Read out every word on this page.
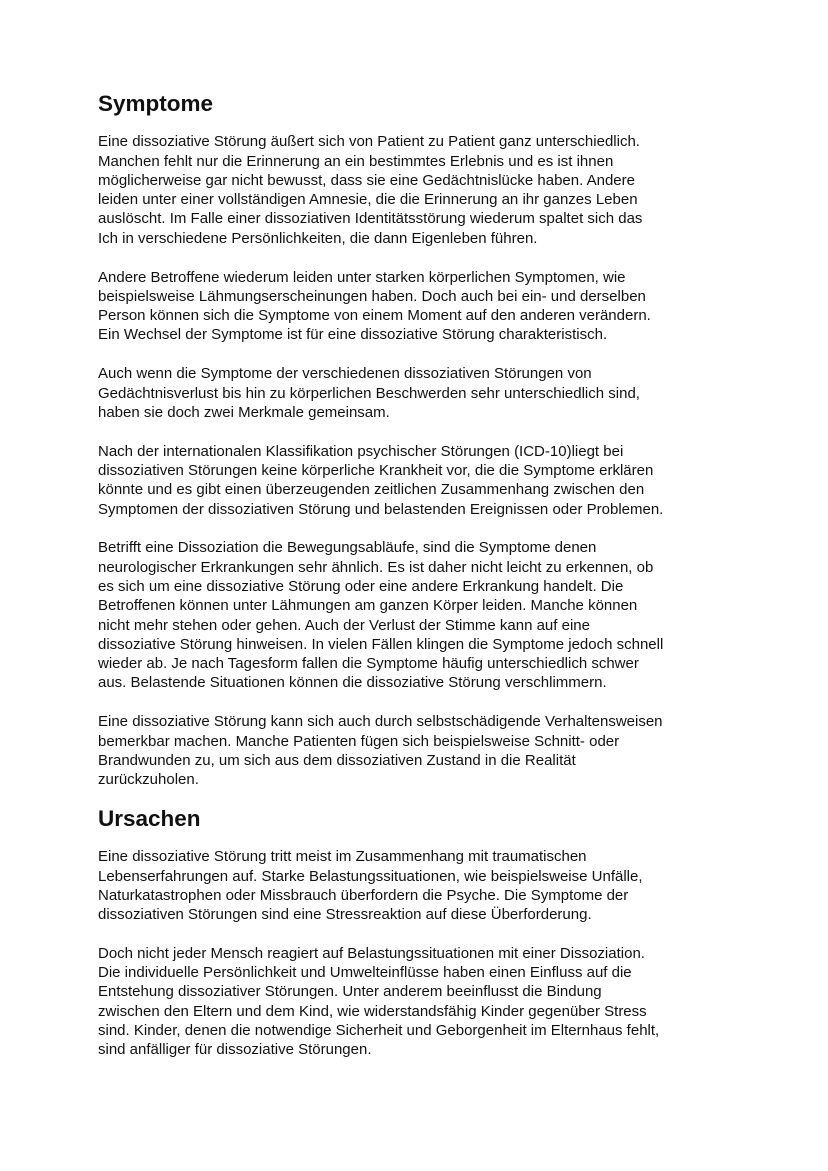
Symptome

Eine dissoziative Störung äußert sich von Patient zu Patient ganz unterschiedlich.
Manchen fehlt nur die Erinnerung an ein bestimmtes Erlebnis und es ist ihnen
möglicherweise gar nicht bewusst, dass sie eine Gedächtnislücke haben. Andere
leiden unter einer vollständigen Amnesie, die die Erinnerung an ihr ganzes Leben
auslöscht. Im Falle einer dissoziativen Identitätsstörung wiederum spaltet sich das
Ich in verschiedene Persönlichkeiten, die dann Eigenleben führen.

Andere Betroffene wiederum leiden unter starken körperlichen Symptomen, wie
beispielsweise Lähmungserscheinungen haben. Doch auch bei ein- und derselben
Person können sich die Symptome von einem Moment auf den anderen verändern.
Ein Wechsel der Symptome ist für eine dissoziative Störung charakteristisch.

Auch wenn die Symptome der verschiedenen dissoziativen Störungen von
Gedächtnisverlust bis hin zu körperlichen Beschwerden sehr unterschiedlich sind,
haben sie doch zwei Merkmale gemeinsam.

Nach der internationalen Klassifikation psychischer Störungen (ICD-10)liegt bei
dissoziativen Störungen keine körperliche Krankheit vor, die die Symptome erklären
könnte und es gibt einen überzeugenden zeitlichen Zusammenhang zwischen den
Symptomen der dissoziativen Störung und belastenden Ereignissen oder Problemen.

Betrifft eine Dissoziation die Bewegungsabläufe, sind die Symptome denen
neurologischer Erkrankungen sehr ähnlich. Es ist daher nicht leicht zu erkennen, ob
es sich um eine dissoziative Störung oder eine andere Erkrankung handelt. Die
Betroffenen können unter Lähmungen am ganzen Körper leiden. Manche können
nicht mehr stehen oder gehen. Auch der Verlust der Stimme kann auf eine
dissoziative Störung hinweisen. In vielen Fällen klingen die Symptome jedoch schnell
wieder ab. Je nach Tagesform fallen die Symptome häufig unterschiedlich schwer
aus. Belastende Situationen können die dissoziative Störung verschlimmern.

Eine dissoziative Störung kann sich auch durch selbstschädigende Verhaltensweisen
bemerkbar machen. Manche Patienten fügen sich beispielsweise Schnitt- oder
Brandwunden zu, um sich aus dem dissoziativen Zustand in die Realität
zurückzuholen.

Ursachen

Eine dissoziative Störung tritt meist im Zusammenhang mit traumatischen
Lebenserfahrungen auf. Starke Belastungssituationen, wie beispielsweise Unfälle,
Naturkatastrophen oder Missbrauch überfordern die Psyche. Die Symptome der
dissoziativen Störungen sind eine Stressreaktion auf diese Überforderung.

Doch nicht jeder Mensch reagiert auf Belastungssituationen mit einer Dissoziation.
Die individuelle Persönlichkeit und Umwelteinflüsse haben einen Einfluss auf die
Entstehung dissoziativer Störungen. Unter anderem beeinflusst die Bindung
zwischen den Eltern und dem Kind, wie widerstandsfähig Kinder gegenüber Stress
sind. Kinder, denen die notwendige Sicherheit und Geborgenheit im Elternhaus fehlt,
sind anfälliger für dissoziative Störungen.
